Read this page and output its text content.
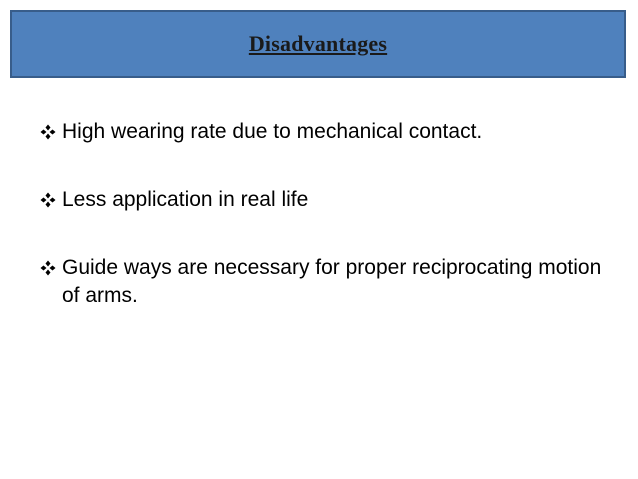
Disadvantages
High wearing rate due to mechanical contact.
Less application in real life
Guide ways are necessary for proper reciprocating motion of arms.
